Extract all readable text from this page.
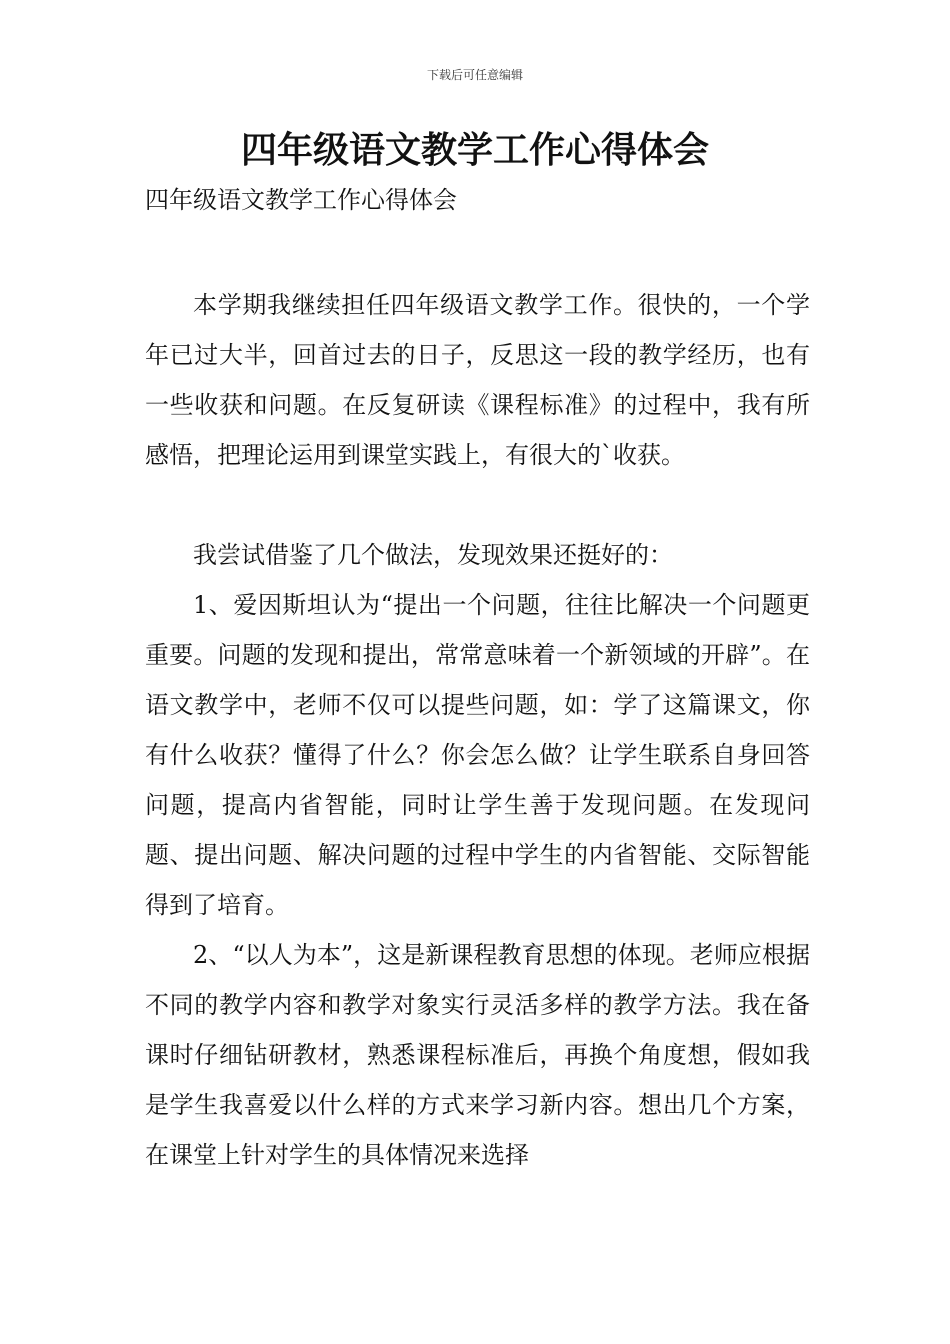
下载后可任意编辑
四年级语文教学工作心得体会

四年级语文教学工作心得体会

本学期我继续担任四年级语文教学工作。很快的，一个学年已过大半，回首过去的日子，反思这一段的教学经历，也有一些收获和问题。在反复研读《课程标准》的过程中，我有所感悟，把理论运用到课堂实践上，有很大的`收获。

我尝试借鉴了几个做法，发现效果还挺好的：

1、爱因斯坦认为“提出一个问题，往往比解决一个问题更重要。问题的发现和提出，常常意味着一个新领域的开辟”。在语文教学中，老师不仅可以提些问题，如：学了这篇课文，你有什么收获？懂得了什么？你会怎么做？让学生联系自身回答问题，提高内省智能，同时让学生善于发现问题。在发现问题、提出问题、解决问题的过程中学生的内省智能、交际智能得到了培育。

2、“以人为本”，这是新课程教育思想的体现。老师应根据不同的教学内容和教学对象实行灵活多样的教学方法。我在备课时仔细钻研教材，熟悉课程标准后，再换个角度想，假如我是学生我喜爱以什么样的方式来学习新内容。想出几个方案，在课堂上针对学生的具体情况来选择
